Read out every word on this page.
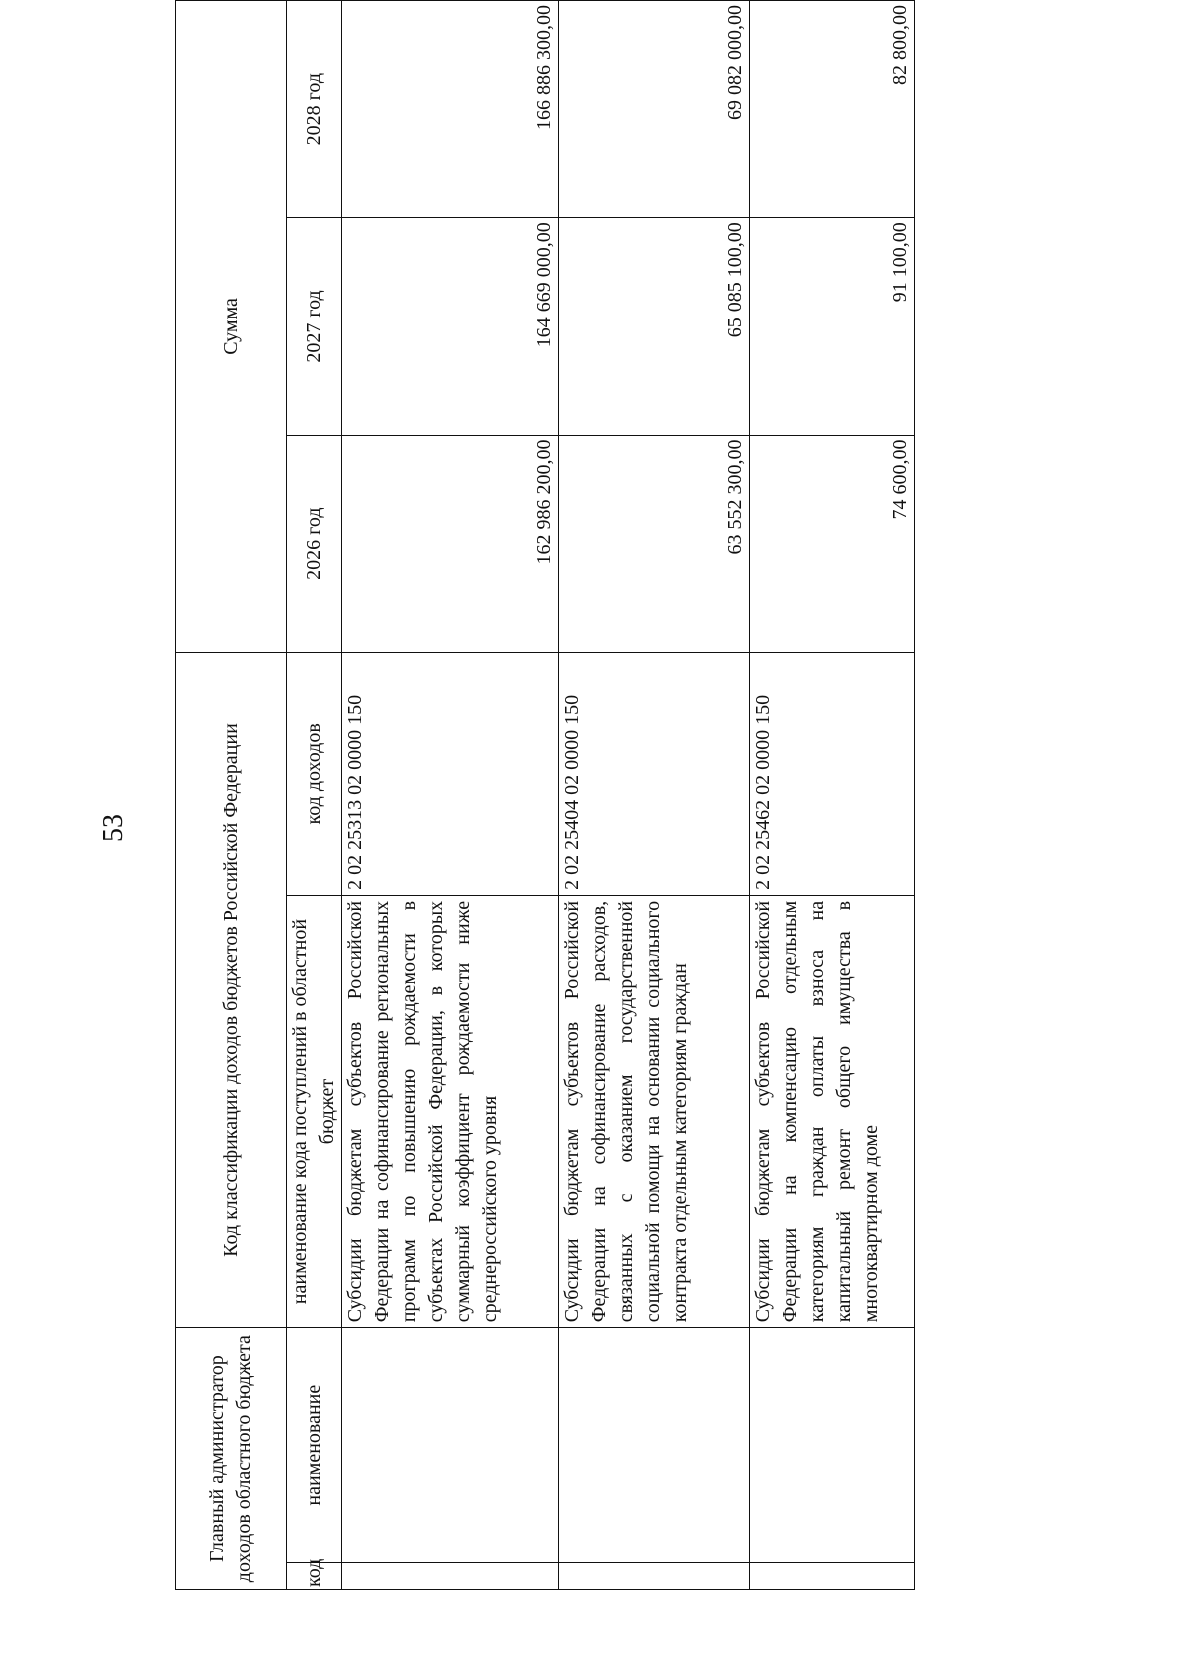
53
Главный администратор доходов областного бюджета		Код классификации доходов бюджетов Российской Федерации		Сумма		
код	наименование	наименование кода поступлений в областной бюджет	код доходов			
				2026 год	2027 год	2028 год
		Субсидии бюджетам субъектов Российской Федерации на софинансирование региональных программ по повышению рождаемости в субъектах Российской Федерации, в которых суммарный коэффициент рождаемости ниже среднероссийского уровня	2 02 25313 02 0000 150	162 986 200,00	164 669 000,00	166 886 300,00
		Субсидии бюджетам субъектов Российской Федерации на софинансирование расходов, связанных с оказанием государственной социальной помощи на основании социального контракта отдельным категориям граждан	2 02 25404 02 0000 150	63 552 300,00	65 085 100,00	69 082 000,00
		Субсидии бюджетам субъектов Российской Федерации на компенсацию отдельным категориям граждан оплаты взноса на капитальный ремонт общего имущества в многоквартирном доме	2 02 25462 02 0000 150	74 600,00	91 100,00	82 800,00
